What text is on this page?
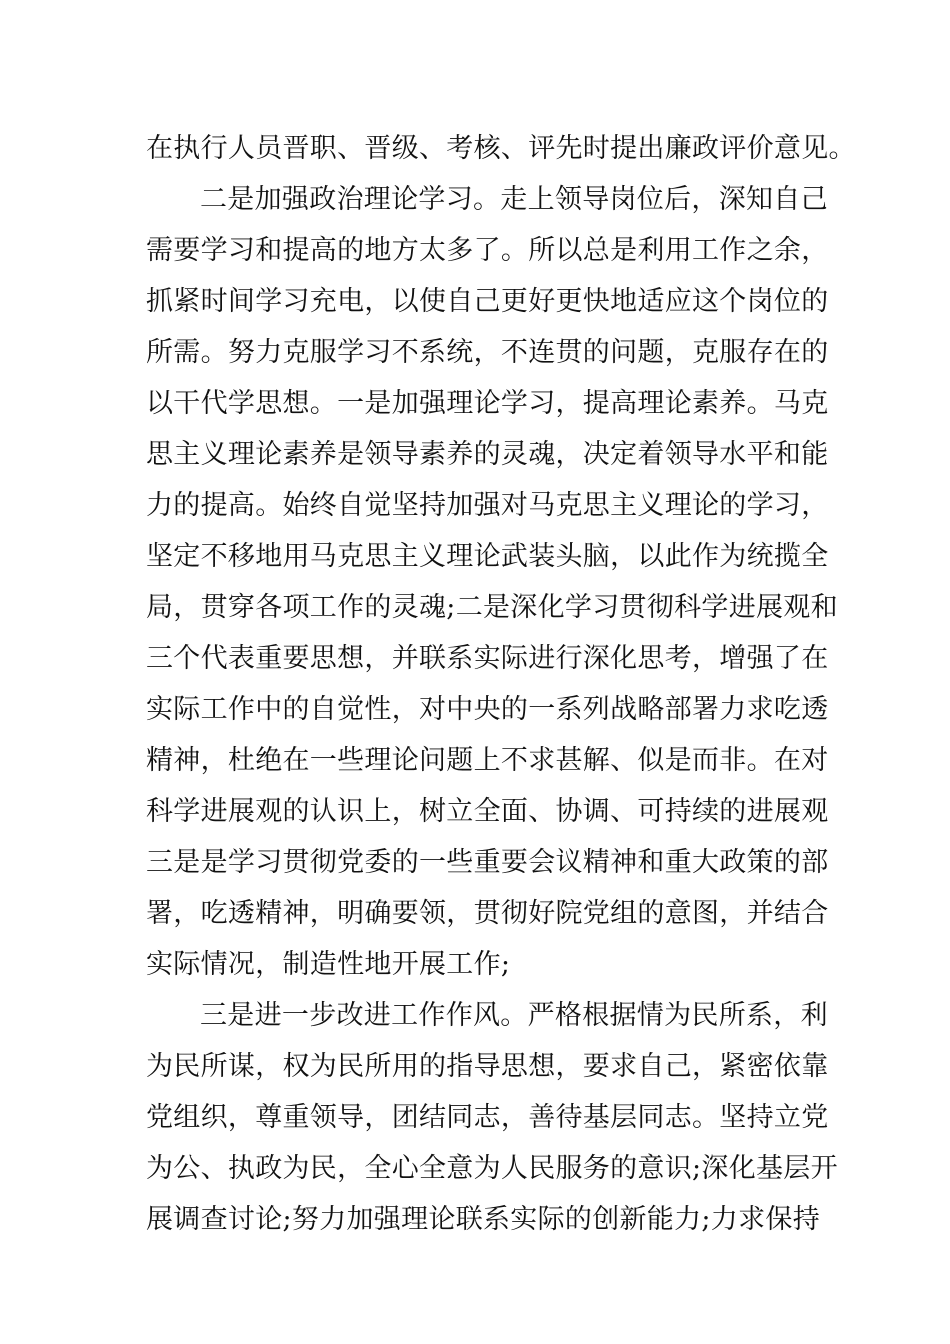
在执行人员晋职、晋级、考核、评先时提出廉政评价意见。
二是加强政治理论学习。走上领导岗位后，深知自己
需要学习和提高的地方太多了。所以总是利用工作之余，
抓紧时间学习充电，以使自己更好更快地适应这个岗位的
所需。努力克服学习不系统，不连贯的问题，克服存在的
以干代学思想。一是加强理论学习，提高理论素养。马克
思主义理论素养是领导素养的灵魂，决定着领导水平和能
力的提高。始终自觉坚持加强对马克思主义理论的学习，
坚定不移地用马克思主义理论武装头脑，以此作为统揽全
局，贯穿各项工作的灵魂;二是深化学习贯彻科学进展观和
三个代表重要思想，并联系实际进行深化思考，增强了在
实际工作中的自觉性，对中央的一系列战略部署力求吃透
精神，杜绝在一些理论问题上不求甚解、似是而非。在对
科学进展观的认识上，树立全面、协调、可持续的进展观
三是是学习贯彻党委的一些重要会议精神和重大政策的部
署，吃透精神，明确要领，贯彻好院党组的意图，并结合
实际情况，制造性地开展工作;
三是进一步改进工作作风。严格根据情为民所系，利
为民所谋，权为民所用的指导思想，要求自己，紧密依靠
党组织，尊重领导，团结同志，善待基层同志。坚持立党
为公、执政为民，全心全意为人民服务的意识;深化基层开
展调查讨论;努力加强理论联系实际的创新能力;力求保持
